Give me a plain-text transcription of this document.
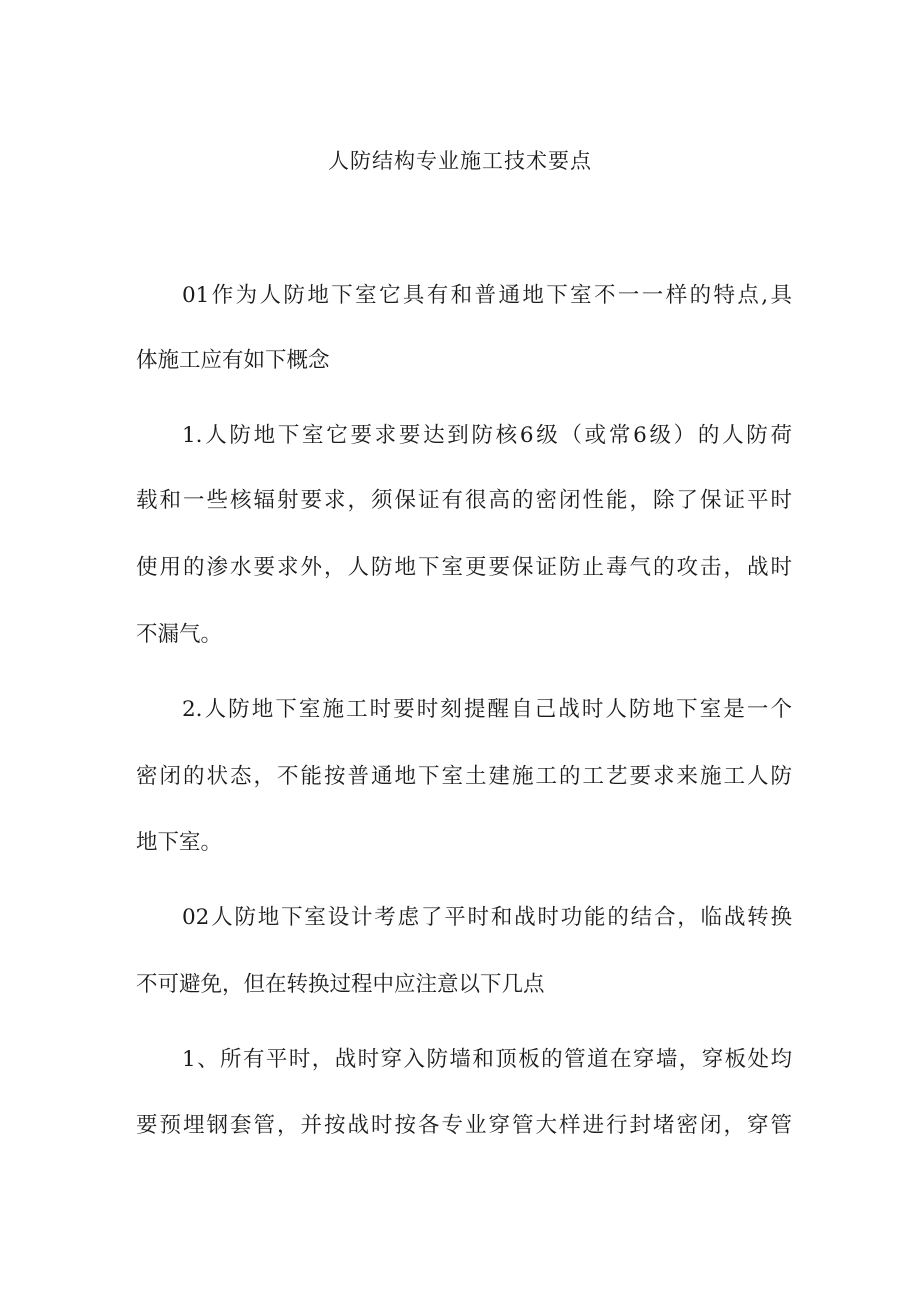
人防结构专业施工技术要点
01作为人防地下室它具有和普通地下室不一一样的特点,具
体施工应有如下概念
1.人防地下室它要求要达到防核6级（或常6级）的人防荷
载和一些核辐射要求，须保证有很高的密闭性能，除了保证平时
使用的渗水要求外，人防地下室更要保证防止毒气的攻击，战时
不漏气。
2.人防地下室施工时要时刻提醒自己战时人防地下室是一个
密闭的状态，不能按普通地下室土建施工的工艺要求来施工人防
地下室。
02人防地下室设计考虑了平时和战时功能的结合，临战转换
不可避免，但在转换过程中应注意以下几点
1、所有平时，战时穿入防墙和顶板的管道在穿墙，穿板处均
要预埋钢套管，并按战时按各专业穿管大样进行封堵密闭，穿管
